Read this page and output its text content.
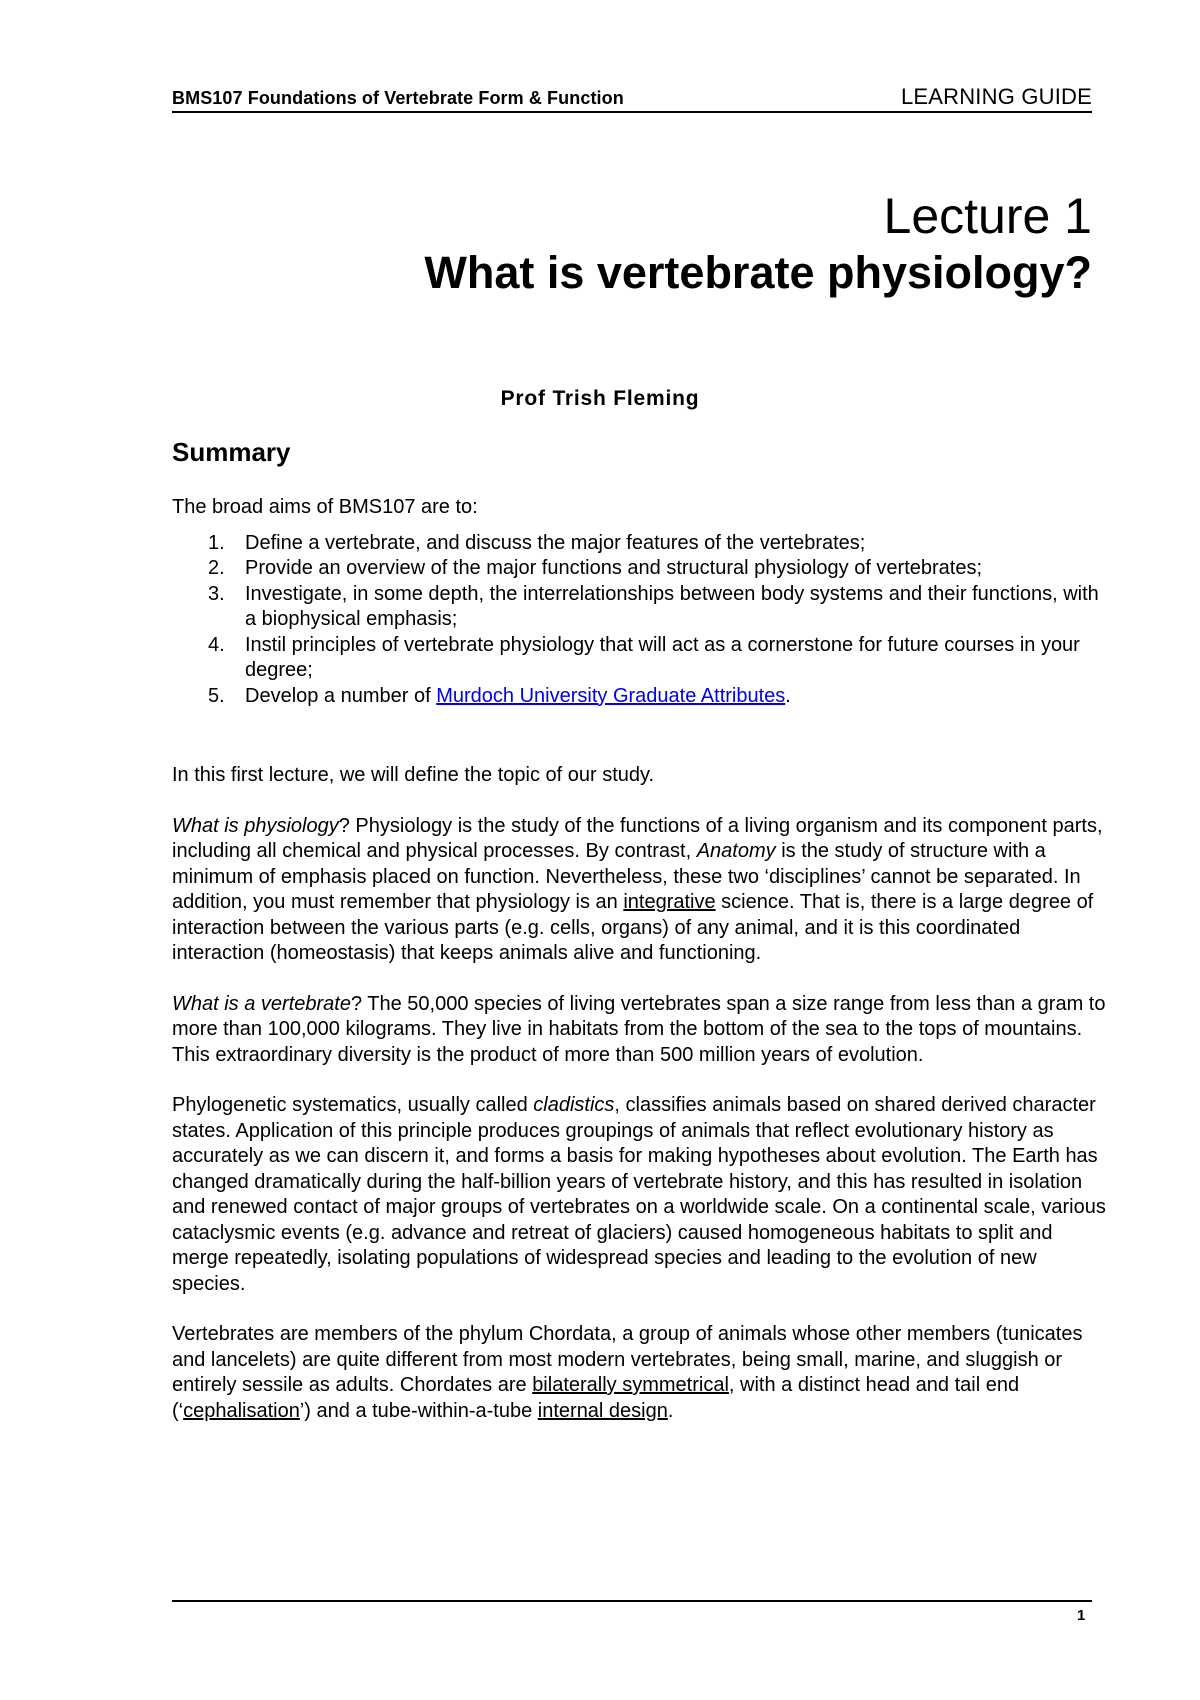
BMS107 Foundations of Vertebrate Form & Function	LEARNING GUIDE
Lecture 1
What is vertebrate physiology?
Prof Trish Fleming
Summary

The broad aims of BMS107 are to:

1. Define a vertebrate, and discuss the major features of the vertebrates;
2. Provide an overview of the major functions and structural physiology of vertebrates;
3. Investigate, in some depth, the interrelationships between body systems and their functions, with a biophysical emphasis;
4. Instil principles of vertebrate physiology that will act as a cornerstone for future courses in your degree;
5. Develop a number of Murdoch University Graduate Attributes.

In this first lecture, we will define the topic of our study.

What is physiology? Physiology is the study of the functions of a living organism and its component parts, including all chemical and physical processes. By contrast, Anatomy is the study of structure with a minimum of emphasis placed on function. Nevertheless, these two ‘disciplines’ cannot be separated. In addition, you must remember that physiology is an integrative science. That is, there is a large degree of interaction between the various parts (e.g. cells, organs) of any animal, and it is this coordinated interaction (homeostasis) that keeps animals alive and functioning.

What is a vertebrate? The 50,000 species of living vertebrates span a size range from less than a gram to more than 100,000 kilograms. They live in habitats from the bottom of the sea to the tops of mountains. This extraordinary diversity is the product of more than 500 million years of evolution.

Phylogenetic systematics, usually called cladistics, classifies animals based on shared derived character states. Application of this principle produces groupings of animals that reflect evolutionary history as accurately as we can discern it, and forms a basis for making hypotheses about evolution. The Earth has changed dramatically during the half-billion years of vertebrate history, and this has resulted in isolation and renewed contact of major groups of vertebrates on a worldwide scale. On a continental scale, various cataclysmic events (e.g. advance and retreat of glaciers) caused homogeneous habitats to split and merge repeatedly, isolating populations of widespread species and leading to the evolution of new species.

Vertebrates are members of the phylum Chordata, a group of animals whose other members (tunicates and lancelets) are quite different from most modern vertebrates, being small, marine, and sluggish or entirely sessile as adults. Chordates are bilaterally symmetrical, with a distinct head and tail end (‘cephalisation’) and a tube-within-a-tube internal design.

1
